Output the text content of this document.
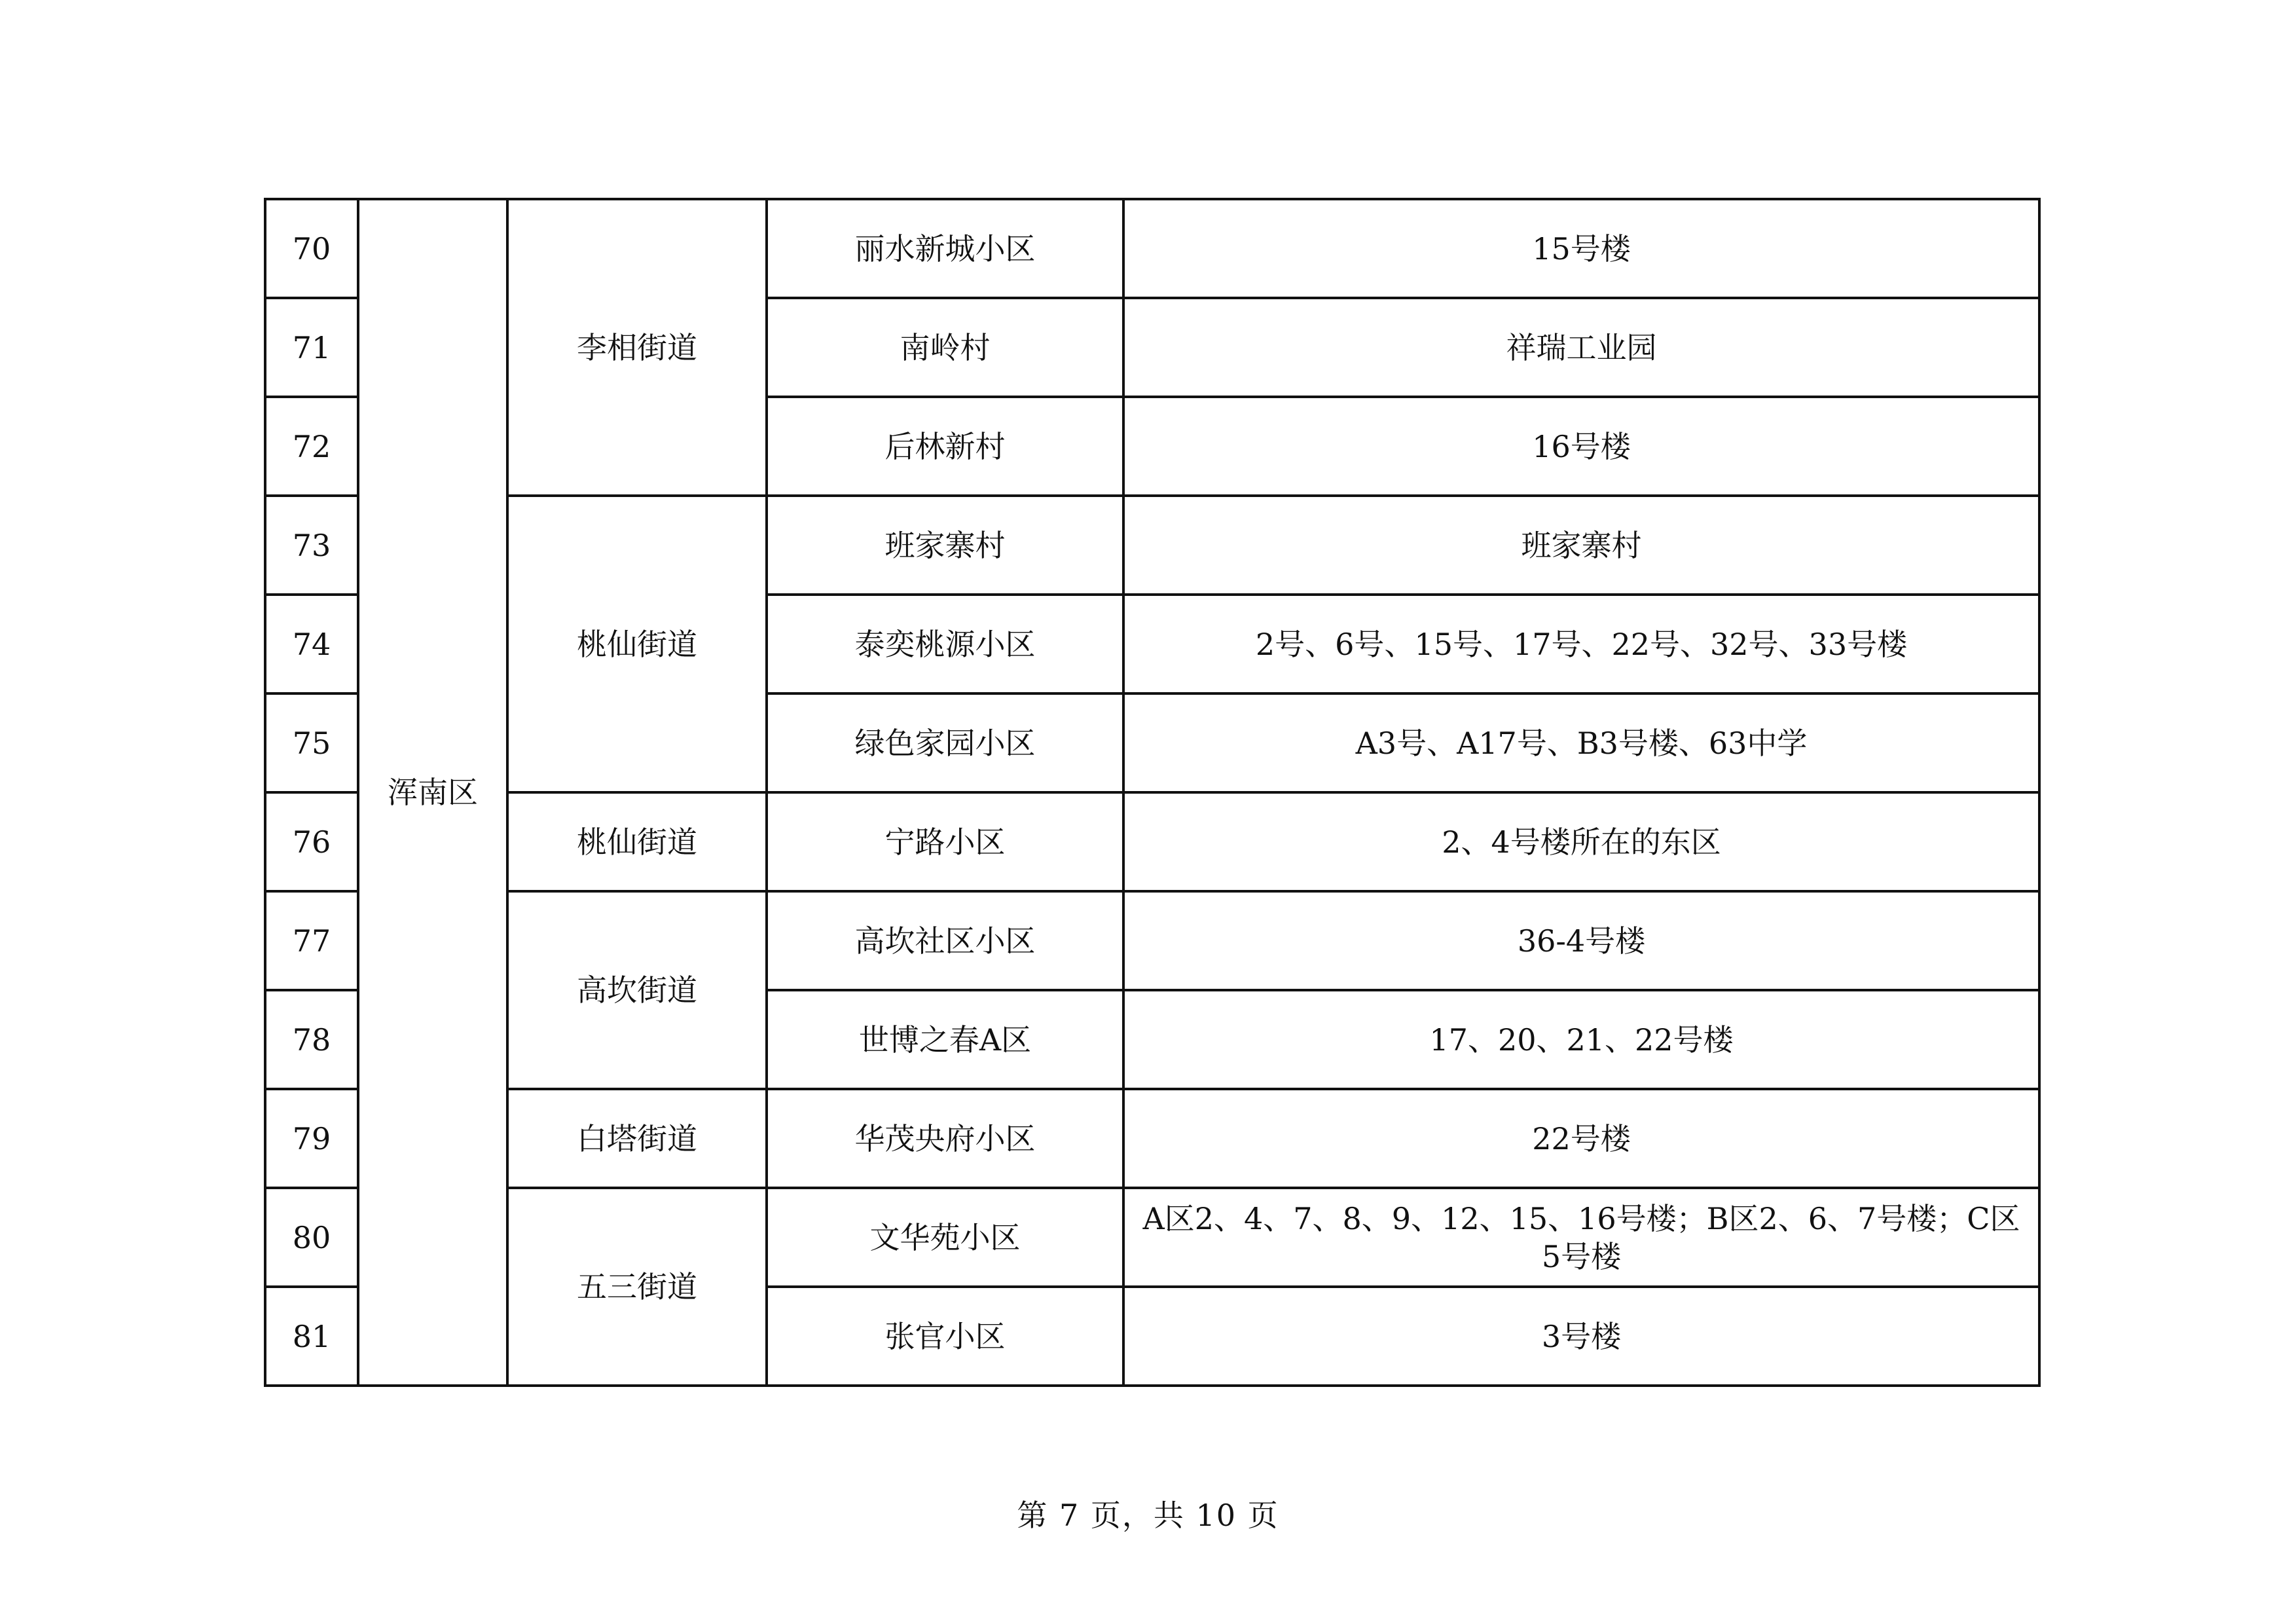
70	浑南区	李相街道	丽水新城小区	15号楼
71			南岭村	祥瑞工业园
72			后林新村	16号楼
73		桃仙街道	班家寨村	班家寨村
74			泰奕桃源小区	2号、6号、15号、17号、22号、32号、33号楼
75			绿色家园小区	A3号、A17号、B3号楼、63中学
76		桃仙街道	宁路小区	2、4号楼所在的东区
77		高坎街道	高坎社区小区	36-4号楼
78			世博之春A区	17、20、21、22号楼
79		白塔街道	华茂央府小区	22号楼
80		五三街道	文华苑小区	A区2、4、7、8、9、12、15、16号楼；B区2、6、7号楼；C区5号楼
81			张官小区	3号楼
第 7 页，共 10 页
